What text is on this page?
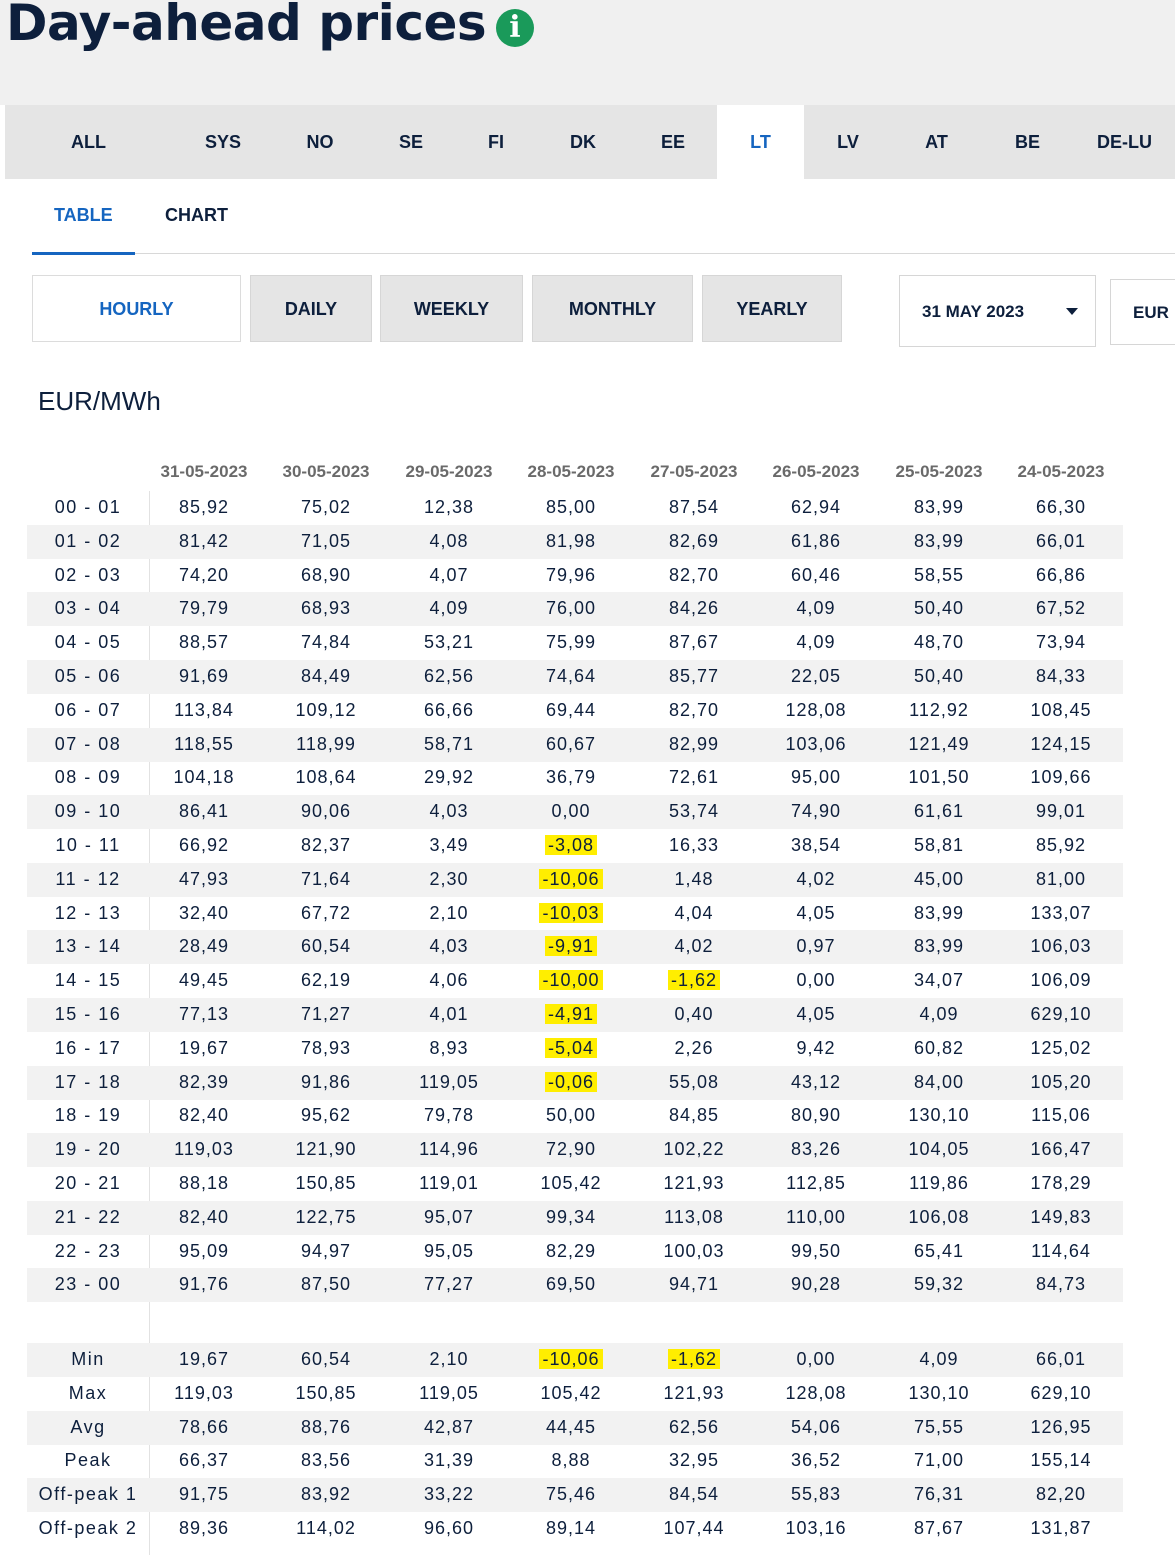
Day-ahead prices i
ALL	SYS	NO	SE	FI	DK	EE	LT	LV	AT	BE	DE-LU
TABLE	CHART
HOURLY	DAILY	WEEKLY	MONTHLY	YEARLY	31 MAY 2023	EUR
EUR/MWh
31-05-2023	30-05-2023	29-05-2023	28-05-2023	27-05-2023	26-05-2023	25-05-2023	24-05-2023
00 - 01	85,92	75,02	12,38	85,00	87,54	62,94	83,99	66,30
01 - 02	81,42	71,05	4,08	81,98	82,69	61,86	83,99	66,01
02 - 03	74,20	68,90	4,07	79,96	82,70	60,46	58,55	66,86
03 - 04	79,79	68,93	4,09	76,00	84,26	4,09	50,40	67,52
04 - 05	88,57	74,84	53,21	75,99	87,67	4,09	48,70	73,94
05 - 06	91,69	84,49	62,56	74,64	85,77	22,05	50,40	84,33
06 - 07	113,84	109,12	66,66	69,44	82,70	128,08	112,92	108,45
07 - 08	118,55	118,99	58,71	60,67	82,99	103,06	121,49	124,15
08 - 09	104,18	108,64	29,92	36,79	72,61	95,00	101,50	109,66
09 - 10	86,41	90,06	4,03	0,00	53,74	74,90	61,61	99,01
10 - 11	66,92	82,37	3,49	-3,08	16,33	38,54	58,81	85,92
11 - 12	47,93	71,64	2,30	-10,06	1,48	4,02	45,00	81,00
12 - 13	32,40	67,72	2,10	-10,03	4,04	4,05	83,99	133,07
13 - 14	28,49	60,54	4,03	-9,91	4,02	0,97	83,99	106,03
14 - 15	49,45	62,19	4,06	-10,00	-1,62	0,00	34,07	106,09
15 - 16	77,13	71,27	4,01	-4,91	0,40	4,05	4,09	629,10
16 - 17	19,67	78,93	8,93	-5,04	2,26	9,42	60,82	125,02
17 - 18	82,39	91,86	119,05	-0,06	55,08	43,12	84,00	105,20
18 - 19	82,40	95,62	79,78	50,00	84,85	80,90	130,10	115,06
19 - 20	119,03	121,90	114,96	72,90	102,22	83,26	104,05	166,47
20 - 21	88,18	150,85	119,01	105,42	121,93	112,85	119,86	178,29
21 - 22	82,40	122,75	95,07	99,34	113,08	110,00	106,08	149,83
22 - 23	95,09	94,97	95,05	82,29	100,03	99,50	65,41	114,64
23 - 00	91,76	87,50	77,27	69,50	94,71	90,28	59,32	84,73
Min	19,67	60,54	2,10	-10,06	-1,62	0,00	4,09	66,01
Max	119,03	150,85	119,05	105,42	121,93	128,08	130,10	629,10
Avg	78,66	88,76	42,87	44,45	62,56	54,06	75,55	126,95
Peak	66,37	83,56	31,39	8,88	32,95	36,52	71,00	155,14
Off-peak 1	91,75	83,92	33,22	75,46	84,54	55,83	76,31	82,20
Off-peak 2	89,36	114,02	96,60	89,14	107,44	103,16	87,67	131,87
